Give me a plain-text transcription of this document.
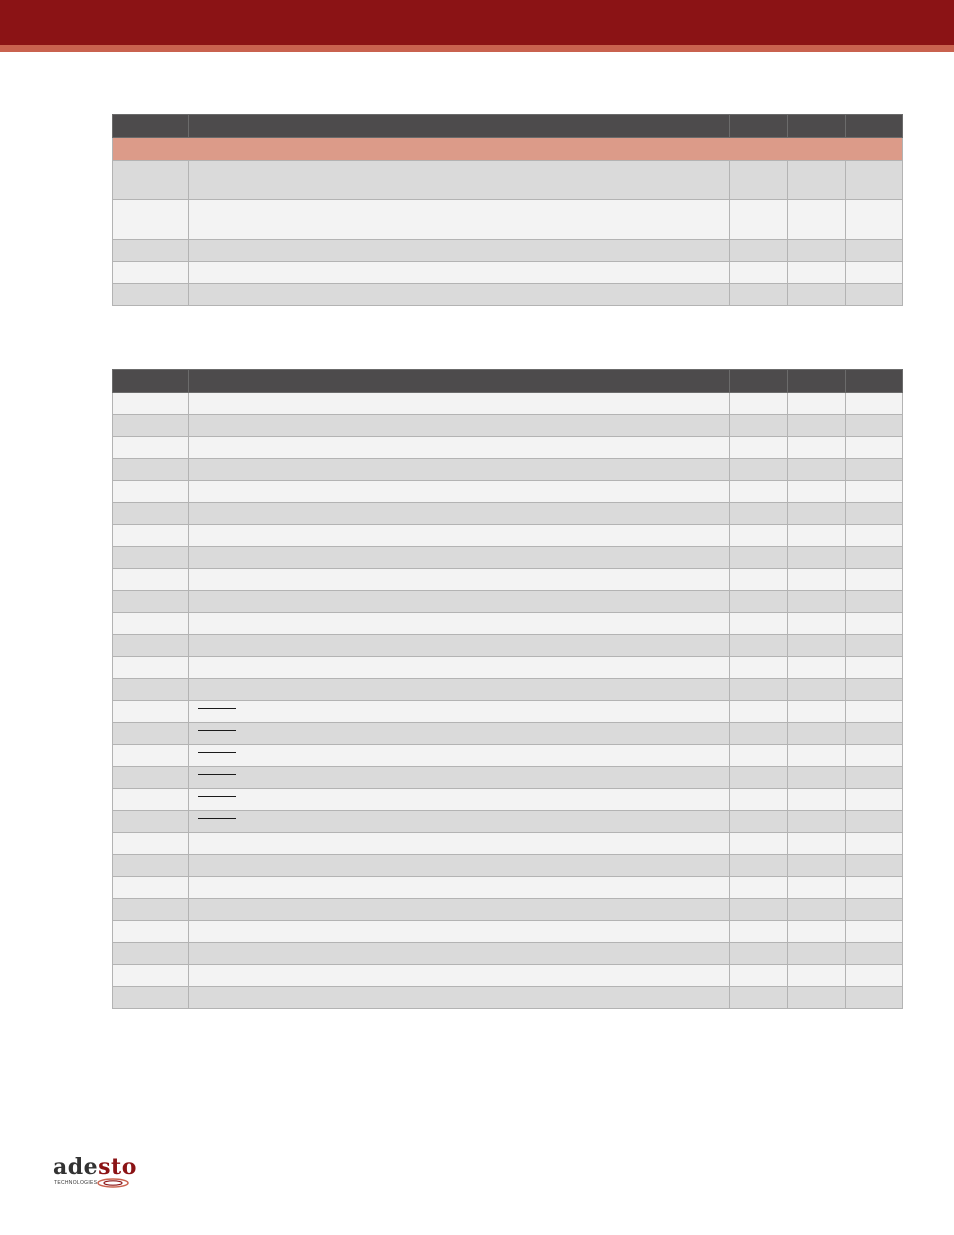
adesto
TECHNOLOGIES
